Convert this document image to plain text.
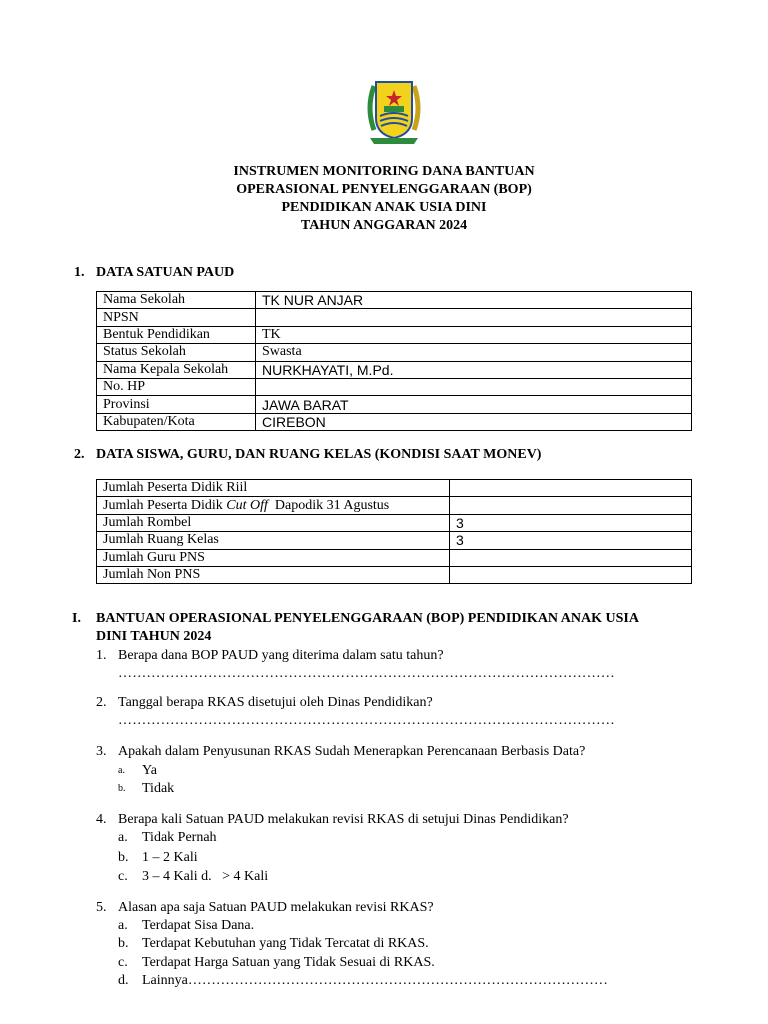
INSTRUMEN MONITORING DANA BANTUAN
OPERASIONAL PENYELENGGARAAN (BOP)
PENDIDIKAN ANAK USIA DINI
TAHUN ANGGARAN 2024
1. DATA SATUAN PAUD
Nama Sekolah	TK NUR ANJAR
NPSN	
Bentuk Pendidikan	TK
Status Sekolah	Swasta
Nama Kepala Sekolah	NURKHAYATI, M.Pd.
No. HP	
Provinsi	JAWA BARAT
Kabupaten/Kota	CIREBON
2. DATA SISWA, GURU, DAN RUANG KELAS (KONDISI SAAT MONEV)
Jumlah Peserta Didik Riil	
Jumlah Peserta Didik Cut Off  Dapodik 31 Agustus	
Jumlah Rombel	3
Jumlah Ruang Kelas	3
Jumlah Guru PNS	
Jumlah Non PNS	
I. BANTUAN OPERASIONAL PENYELENGGARAAN (BOP) PENDIDIKAN ANAK USIA
DINI TAHUN 2024
1. Berapa dana BOP PAUD yang diterima dalam satu tahun?
……………………………………………………………………………………………
2. Tanggal berapa RKAS disetujui oleh Dinas Pendidikan?
……………………………………………………………………………………………
3. Apakah dalam Penyusunan RKAS Sudah Menerapkan Perencanaan Berbasis Data?
a. Ya
b. Tidak
4. Berapa kali Satuan PAUD melakukan revisi RKAS di setujui Dinas Pendidikan?
a. Tidak Pernah
b. 1 – 2 Kali
c. 3 – 4 Kali d.   > 4 Kali
5. Alasan apa saja Satuan PAUD melakukan revisi RKAS?
a. Terdapat Sisa Dana.
b. Terdapat Kebutuhan yang Tidak Tercatat di RKAS.
c. Terdapat Harga Satuan yang Tidak Sesuai di RKAS.
d. Lainnya………………………………………………………………………………
